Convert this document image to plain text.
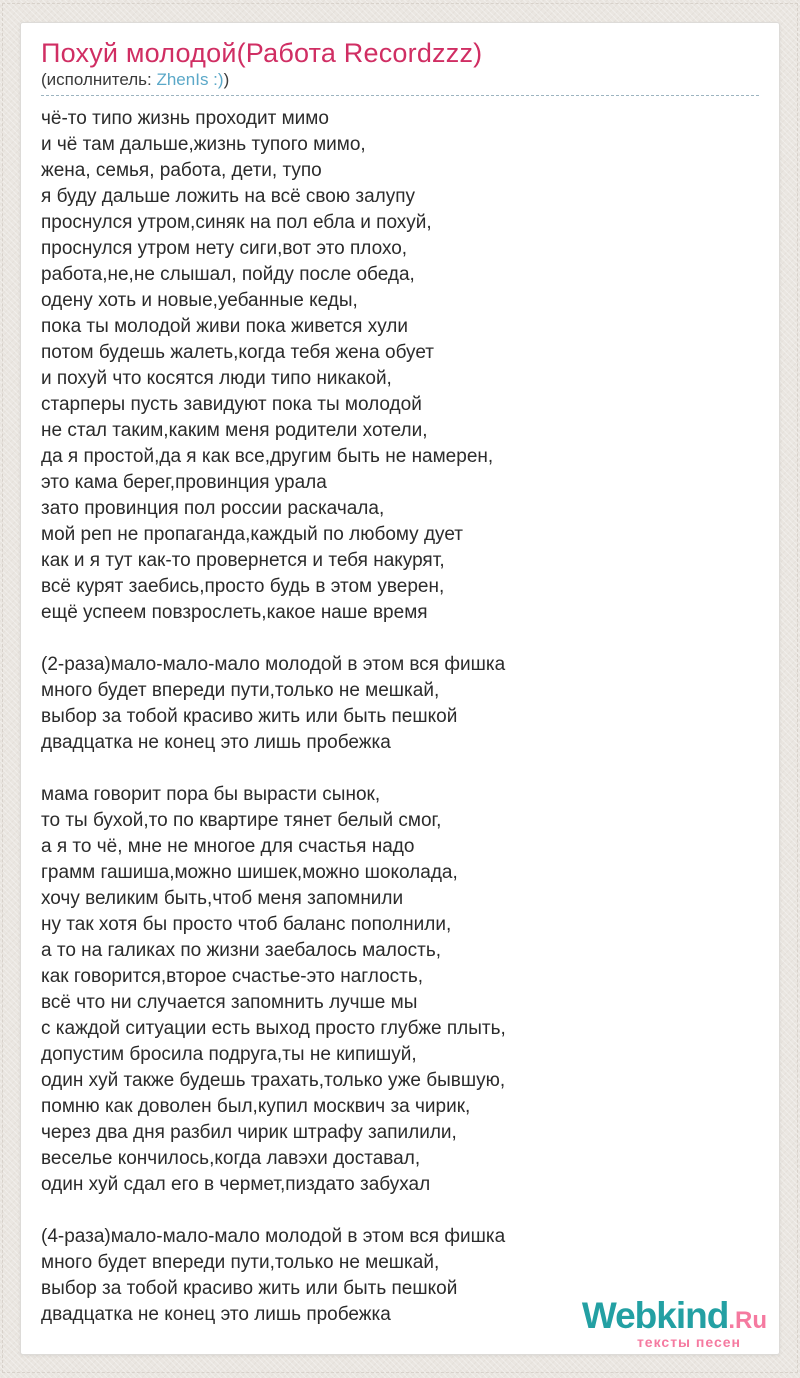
Похуй молодой(Работа Recordzzz)
(исполнитель: ZhenIs :))
чё-то типо жизнь проходит мимо
и чё там дальше,жизнь тупого мимо,
жена, семья, работа, дети, тупо
я буду дальше ложить на всё свою залупу
проснулся утром,синяк на пол ебла и похуй,
проснулся утром нету сиги,вот это плохо,
работа,не,не слышал, пойду после обеда,
одену хоть и новые,уебанные кеды,
пока ты молодой живи пока живется хули
потом будешь жалеть,когда тебя жена обует
и похуй что косятся люди типо никакой,
старперы пусть завидуют пока ты молодой
не стал таким,каким меня родители хотели,
да я простой,да я как все,другим быть не намерен,
это кама берег,провинция урала
зато провинция пол россии раскачала,
мой реп не пропаганда,каждый по любому дует
как и я тут как-то провернется и тебя накурят,
всё курят заебись,просто будь в этом уверен,
ещё успеем повзрослеть,какое наше время
(2-раза)мало-мало-мало молодой в этом вся фишка
много будет впереди пути,только не мешкай,
выбор за тобой красиво жить или быть пешкой
двадцатка не конец это лишь пробежка
мама говорит пора бы вырасти сынок,
то ты бухой,то по квартире тянет белый смог,
а я то чё, мне не многое для счастья надо
грамм гашиша,можно шишек,можно шоколада,
хочу великим быть,чтоб меня запомнили
ну так хотя бы просто чтоб баланс пополнили,
а то на галиках по жизни заебалось малость,
как говорится,второе счастье-это наглость,
всё что ни случается запомнить лучше мы
с каждой ситуации есть выход просто глубже плыть,
допустим бросила подруга,ты не кипишуй,
один хуй также будешь трахать,только уже бывшую,
помню как доволен был,купил москвич за чирик,
через два дня разбил чирик штрафу запилили,
веселье кончилось,когда лавэхи доставал,
один хуй сдал его в чермет,пиздато забухал
(4-раза)мало-мало-мало молодой в этом вся фишка
много будет впереди пути,только не мешкай,
выбор за тобой красиво жить или быть пешкой
двадцатка не конец это лишь пробежка	Webkind.Ru
тексты песен
